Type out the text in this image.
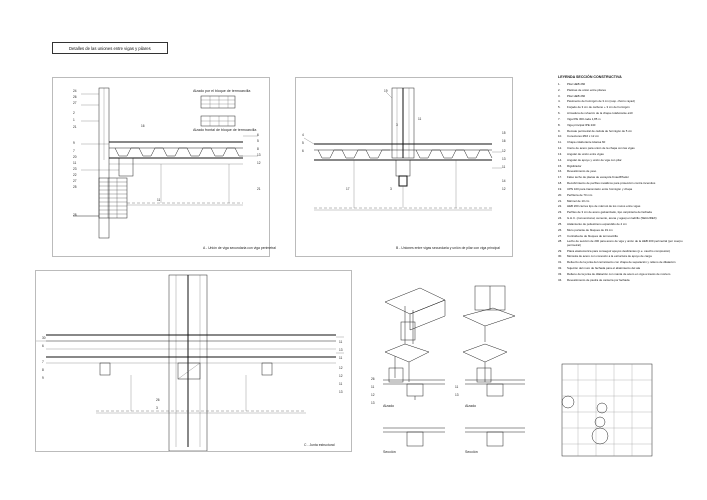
Detalles de las uniones entre vigas y pilares
Alzado por el bloque de termoarcilla
Alzado frontal de bloque de termoarcilla
24
26
27
2
1
21
9
7
20
11
23
22
27
25
28
6
5
8
13
12
21
16
11
A - Unión de viga secundaria con viga perimetral
19
11
3
4
5
6
17
15
16
12
13
11
14
12
3
B - Uniones entre vigas secundaria y unión de pilar con viga principal
30
6
7
8
9
11
13
11
12
12
11
13
26
3
C - Junta estructural
26
11
12
13
11
13
Alzado	Alzado
Sección	Sección
LEYENDA SECCIÓN CONSTRUCTIVA
1.	Pilar HEB 260
2.	Pletinas de unión entre pilares
3.	Pilar HEB 260
4.	Pavimento de hormigón de 3 cm (resp. chorro rayad)
5.	Forjado de 3 cm de carbono + 3 cm de hormigón
6.	Armadura de refuerzo de la chapa colaborante ø10
7.	Viga IPE 300 cada 1,85 m
8.	Viga principal IPE 240
9.	Remate perimetral de cédula de hormigón de 5 cm
10.	Conectores Ø16 x 12 cm
11.	Chapa colaborante Hiansa 60
12.	Cierre de acero para unión de la chapa con las vigas
13.	Angular de unión entre vigas
14.	Angular de apoyo y unión de viga con pilar
15.	Rigidizador
16.	Revestimiento de yeso
17.	Falso techo de placas de escayola Knauf/Pladur
18.	Recubrimiento de perfiles metálicos para protección contra incendios
19.	UPN 100 para transmisión entre hormigón y chapa
20.	Perfilería de 70 mm
21.	Mármol de 10 cm
22.	HEB 260 cierres tipo de mármol de los muros entre vigas
23.	Perfiles de 3 cm de acero galvanizado, tipo carpintería de fachada
24.	G.H.C. (convencional, cemento, arena y agua) en ladrillo (SEGUREX)
25.	Aislamiento de poliestireno expandido de 4 cm
26.	Muro portante de bloques de 19 cm
27.	Contrafuerte de bloques de termoarcilla
28.	Lecho de sección de 200 para acero de viga y unión de la HEB 200 perimetral (por cuerpo perimetral)
29.	Placa elastomérica para conseguir apoyos deslizantes (p.e. caucho compresión)
30.	Ménsula de acero con conexión a la estructura de apoyo de carga
31.	Refuerzo de la junta del cerramiento con chapa de separación y relleno de dilatación
32.	Sujeción del muro de fachada para el abatimiento del ala
33.	Relleno de la junta de dilatación con manta de acero en viga a través de mortero
34.	Revestimiento de piedra de cantería por fachada
